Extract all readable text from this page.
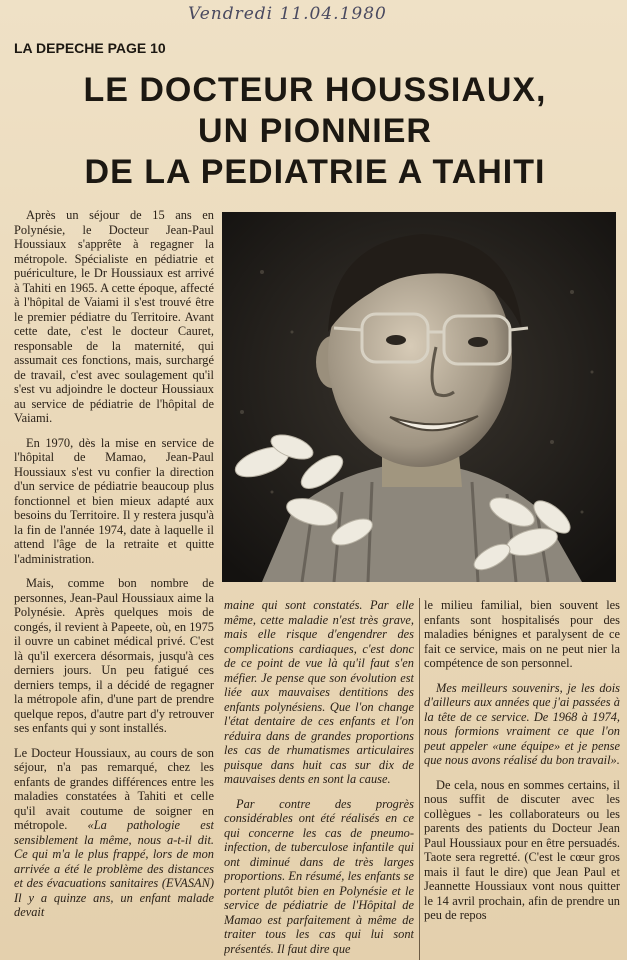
Vendredi 11.04.1980
LA DEPECHE PAGE 10
LE DOCTEUR HOUSSIAUX,
UN PIONNIER
DE LA PEDIATRIE A TAHITI

Après un séjour de 15 ans en Polynésie, le Docteur Jean-Paul Houssiaux s'apprête à regagner la métropole. Spécialiste en pédiatrie et puériculture, le Dr Houssiaux est arrivé à Tahiti en 1965. A cette époque, affecté à l'hôpital de Vaiami il s'est trouvé être le premier pédiatre du Territoire. Avant cette date, c'est le docteur Cauret, responsable de la maternité, qui assumait ces fonctions, mais, surchargé de travail, c'est avec soulagement qu'il s'est vu adjoindre le docteur Houssiaux au service de pédiatrie de l'hôpital de Vaiami.

En 1970, dès la mise en service de l'hôpital de Mamao, Jean-Paul Houssiaux s'est vu confier la direction d'un service de pédiatrie beaucoup plus fonctionnel et bien mieux adapté aux besoins du Territoire. Il y restera jusqu'à la fin de l'année 1974, date à laquelle il attend l'âge de la retraite et quitte l'administration.

Mais, comme bon nombre de personnes, Jean-Paul Houssiaux aime la Polynésie. Après quelques mois de congés, il revient à Papeete, où, en 1975 il ouvre un cabinet médical privé. C'est là qu'il exercera désormais, jusqu'à ces derniers jours. Un peu fatigué ces derniers temps, il a décidé de regagner la métropole afin, d'une part de prendre quelque repos, d'autre part d'y retrouver ses enfants qui y sont installés.

Le Docteur Houssiaux, au cours de son séjour, n'a pas remarqué, chez les enfants de grandes différences entre les maladies constatées à Tahiti et celle qu'il avait coutume de soigner en métropole. «La pathologie est sensiblement la même, nous a-t-il dit. Ce qui m'a le plus frappé, lors de mon arrivée a été le problème des distances et des évacuations sanitaires (EVASAN) Il y a quinze ans, un enfant malade devait

maine qui sont constatés. Par elle même, cette maladie n'est très grave, mais elle risque d'engendrer des complications cardiaques, c'est donc de ce point de vue là qu'il faut s'en méfier. Je pense que son évolution est liée aux mauvaises dentitions des enfants polynésiens. Que l'on change l'état dentaire de ces enfants et l'on réduira dans de grandes proportions les cas de rhumatismes articulaires puisque dans huit cas sur dix de mauvaises dents en sont la cause.

Par contre des progrès considérables ont été réalisés en ce qui concerne les cas de pneumo-infection, de tuberculose infantile qui ont diminué dans de très larges proportions. En résumé, les enfants se portent plutôt bien en Polynésie et le service de pédiatrie de l'Hôpital de Mamao est parfaitement à même de traiter tous les cas qui lui sont présentés. Il faut dire que

le milieu familial, bien souvent les enfants sont hospitalisés pour des maladies bénignes et paralysent de ce fait ce service, mais on ne peut nier la compétence de son personnel.

Mes meilleurs souvenirs, je les dois d'ailleurs aux années que j'ai passées à la tête de ce service. De 1968 à 1974, nous formions vraiment ce que l'on peut appeler «une équipe» et je pense que nous avons réalisé du bon travail».

De cela, nous en sommes certains, il nous suffit de discuter avec les collègues - les collaborateurs ou les parents des patients du Docteur Jean Paul Houssiaux pour en être persuadés. Taote sera regretté. (C'est le cœur gros mais il faut le dire) que Jean Paul et Jeannette Houssiaux vont nous quitter le 14 avril prochain, afin de prendre un peu de repos
